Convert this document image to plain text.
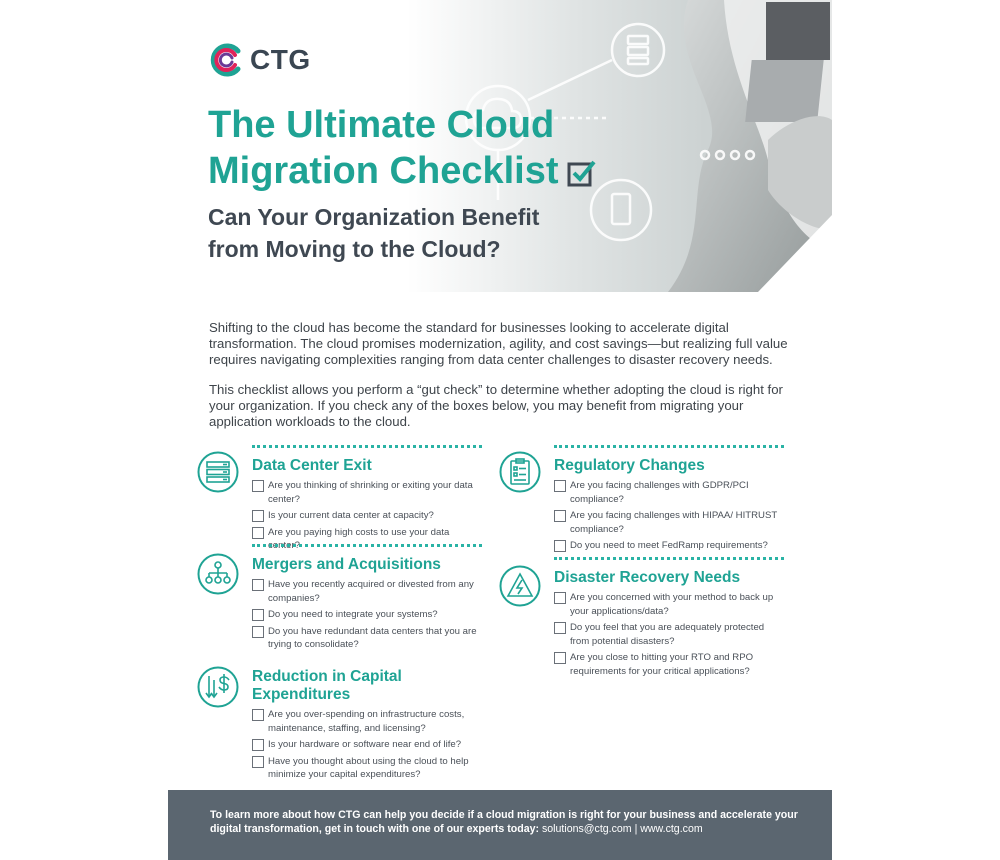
CTG
The Ultimate Cloud
Migration Checklist
Can Your Organization Benefit
from Moving to the Cloud?

Shifting to the cloud has become the standard for businesses looking to accelerate digital transformation. The cloud promises modernization, agility, and cost savings—but realizing full value requires navigating complexities ranging from data center challenges to disaster recovery needs.

This checklist allows you perform a “gut check” to determine whether adopting the cloud is right for your organization. If you check any of the boxes below, you may benefit from migrating your application workloads to the cloud.

Data Center Exit
Are you thinking of shrinking or exiting your data center?
Is your current data center at capacity?
Are you paying high costs to use your data center?
Mergers and Acquisitions
Have you recently acquired or divested from any companies?
Do you need to integrate your systems?
Do you have redundant data centers that you are trying to consolidate?
Reduction in Capital Expenditures
Are you over-spending on infrastructure costs, maintenance, staffing, and licensing?
Is your hardware or software near end of life?
Have you thought about using the cloud to help minimize your capital expenditures?
Regulatory Changes
Are you facing challenges with GDPR/PCI compliance?
Are you facing challenges with HIPAA/ HITRUST compliance?
Do you need to meet FedRamp requirements?
Disaster Recovery Needs
Are you concerned with your method to back up your applications/data?
Do you feel that you are adequately protected from potential disasters?
Are you close to hitting your RTO and RPO requirements for your critical applications?
To learn more about how CTG can help you decide if a cloud migration is right for your business and accelerate your digital transformation, get in touch with one of our experts today: solutions@ctg.com | www.ctg.com
